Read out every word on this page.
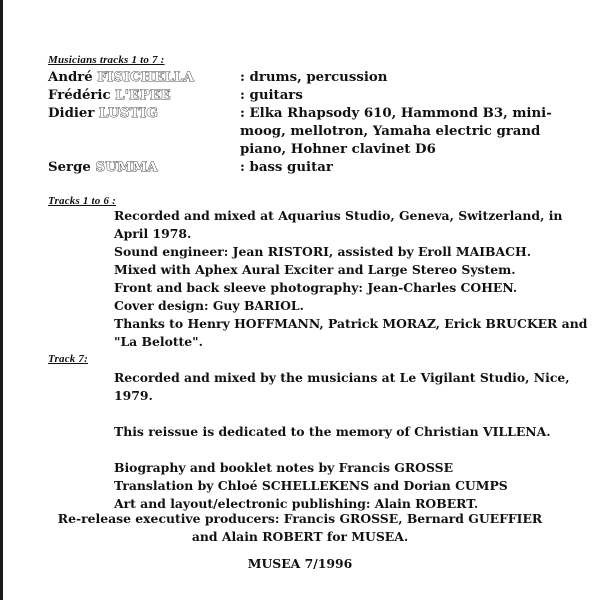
Musicians tracks 1 to 7 :
André FISICHELLA	: drums, percussion
Frédéric L'EPEE	: guitars
Didier LUSTIG	: Elka Rhapsody 610, Hammond B3, mini-moog, mellotron, Yamaha electric grand piano, Hohner clavinet D6
Serge SUMMA	: bass guitar
Tracks 1 to 6 :

Recorded and mixed at Aquarius Studio, Geneva, Switzerland, in April 1978.

Sound engineer: Jean RISTORI, assisted by Eroll MAIBACH.

Mixed with Aphex Aural Exciter and Large Stereo System.

Front and back sleeve photography: Jean-Charles COHEN.

Cover design: Guy BARIOL.

Thanks to Henry HOFFMANN, Patrick MORAZ, Erick BRUCKER and "La Belotte".

Track 7:

Recorded and mixed by the musicians at Le Vigilant Studio, Nice, 1979.

This reissue is dedicated to the memory of Christian VILLENA.

Biography and booklet notes by Francis GROSSE

Translation by Chloé SCHELLEKENS and Dorian CUMPS

Art and layout/electronic publishing: Alain ROBERT.

Re-release executive producers: Francis GROSSE, Bernard GUEFFIER and Alain ROBERT for MUSEA.
MUSEA 7/1996
